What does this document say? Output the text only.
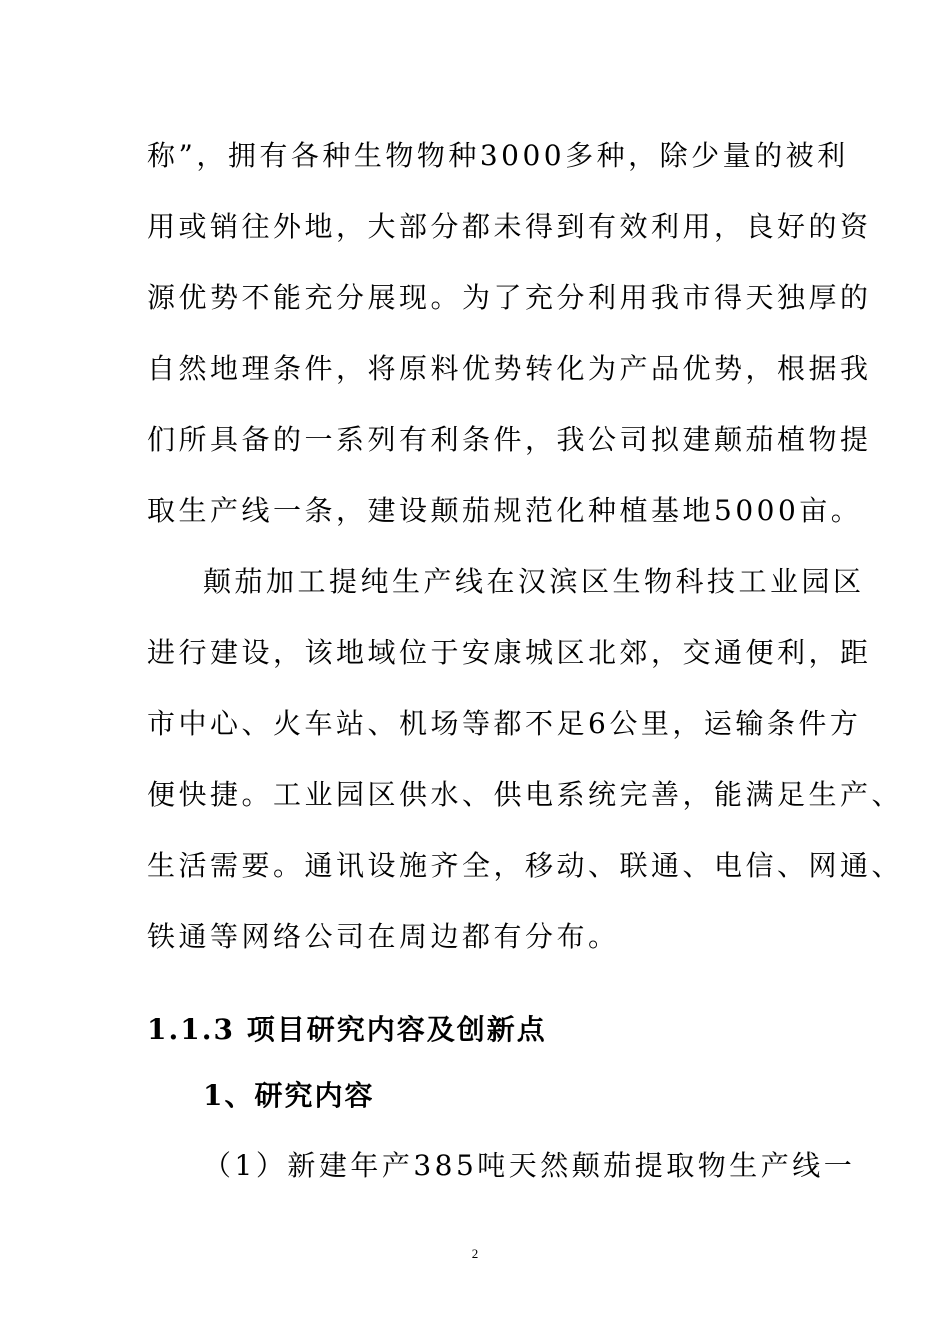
称”，拥有各种生物物种3000多种，除少量的被利
用或销往外地，大部分都未得到有效利用，良好的资
源优势不能充分展现。为了充分利用我市得天独厚的
自然地理条件，将原料优势转化为产品优势，根据我
们所具备的一系列有利条件，我公司拟建颠茄植物提
取生产线一条，建设颠茄规范化种植基地5000亩。
颠茄加工提纯生产线在汉滨区生物科技工业园区
进行建设，该地域位于安康城区北郊，交通便利，距
市中心、火车站、机场等都不足6公里，运输条件方
便快捷。工业园区供水、供电系统完善，能满足生产、
生活需要。通讯设施齐全，移动、联通、电信、网通、
铁通等网络公司在周边都有分布。
1.1.3 项目研究内容及创新点
1、研究内容
（1）新建年产385吨天然颠茄提取物生产线一
2
